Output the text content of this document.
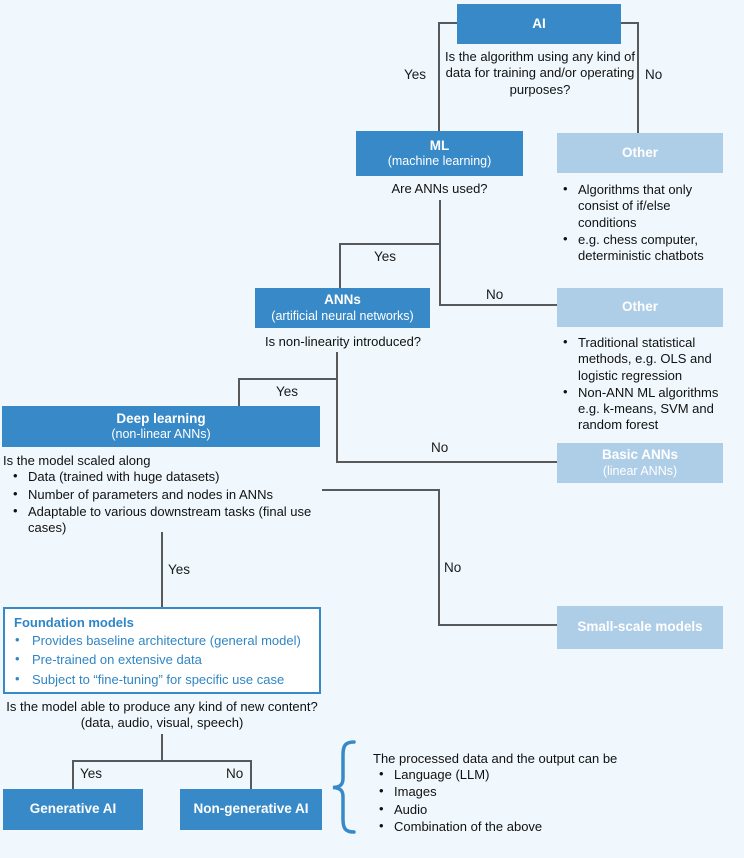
Yes	No
Yes
No
Yes
No
Yes	No
Yes	No
AI
ML
(machine learning)
Other
• Algorithms that only consist of if/else conditions
• e.g. chess computer, deterministic chatbots
Is the algorithm using any kind of data for training and/or operating purposes?
Are ANNs used?
ANNs
(artificial neural networks)
Other
• Traditional statistical methods, e.g. OLS and logistic regression
• Non-ANN ML algorithms e.g. k-means, SVM and random forest
Is non-linearity introduced?
Deep learning
(non-linear ANNs)
Basic ANNs
(linear ANNs)
Is the model scaled along
• Data (trained with huge datasets)
• Number of parameters and nodes in ANNs
• Adaptable to various downstream tasks (final use cases)
Foundation models
• Provides baseline architecture (general model)
• Pre-trained on extensive data
• Subject to “fine-tuning” for specific use case
Small-scale models
Is the model able to produce any kind of new content?
(data, audio, visual, speech)
Generative AI	Non-generative AI
The processed data and the output can be
• Language (LLM)
• Images
• Audio
• Combination of the above
